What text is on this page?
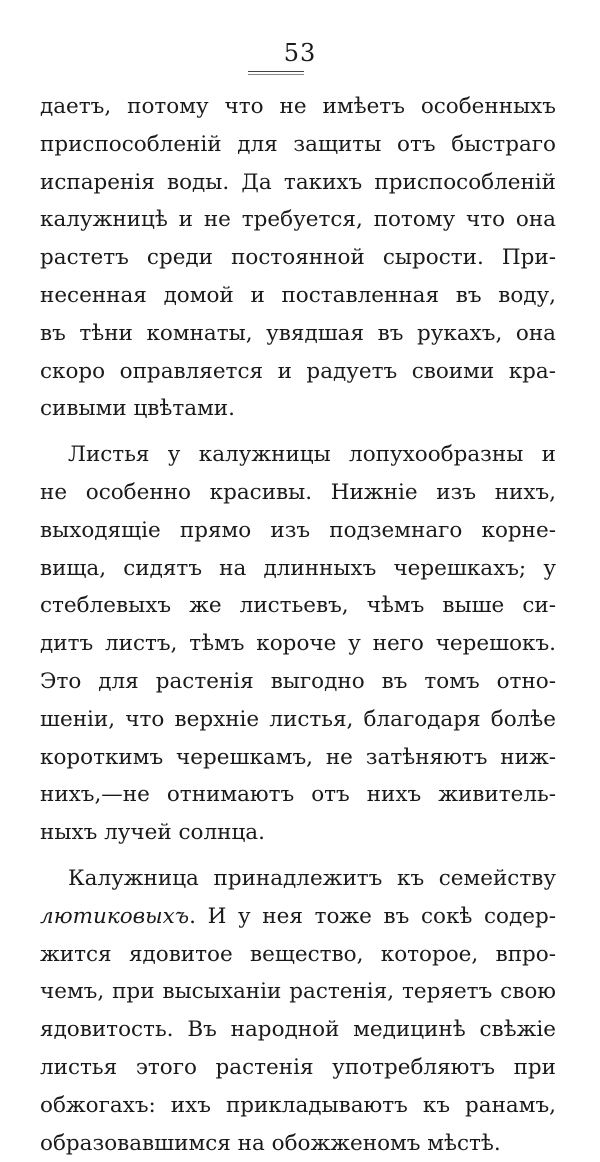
53
даетъ, потому что не имѣетъ особенныхъ
приспособленій для защиты отъ быстраго
испаренія воды. Да такихъ приспособленій
калужницѣ и не требуется, потому что она
растетъ среди постоянной сырости. При-
несенная домой и поставленная въ воду,
въ тѣни комнаты, увядшая въ рукахъ, она
скоро оправляется и радуетъ своими кра-
сивыми цвѣтами.
Листья у калужницы лопухообразны и
не особенно красивы. Нижніе изъ нихъ,
выходящіе прямо изъ подземнаго корне-
вища, сидятъ на длинныхъ черешкахъ; у
стеблевыхъ же листьевъ, чѣмъ выше си-
дитъ листъ, тѣмъ короче у него черешокъ.
Это для растенія выгодно въ томъ отно-
шеніи, что верхніе листья, благодаря болѣе
короткимъ черешкамъ, не затѣняютъ ниж-
нихъ,—не отнимаютъ отъ нихъ живитель-
ныхъ лучей солнца.
Калужница принадлежитъ къ семейству
лютиковыхъ. И у нея тоже въ сокѣ содер-
жится ядовитое вещество, которое, впро-
чемъ, при высыханіи растенія, теряетъ свою
ядовитость. Въ народной медицинѣ свѣжіе
листья этого растенія употребляютъ при
обжогахъ: ихъ прикладываютъ къ ранамъ,
образовавшимся на обожженомъ мѣстѣ.
